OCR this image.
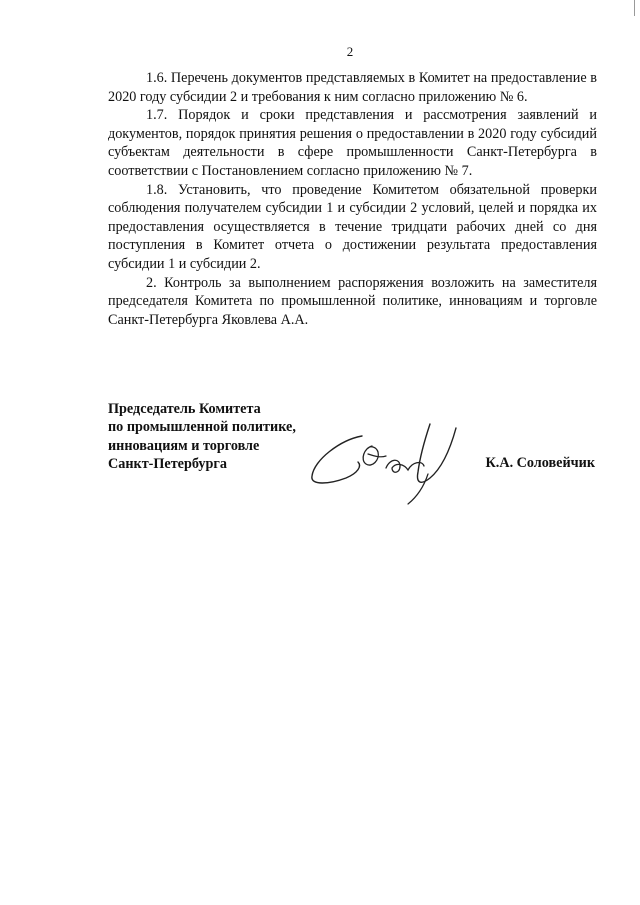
2

1.6. Перечень документов представляемых в Комитет на предоставление в 2020 году субсидии 2 и требования к ним согласно приложению № 6.

1.7. Порядок и сроки представления и рассмотрения заявлений и документов, порядок принятия решения о предоставлении в 2020 году субсидий субъектам деятельности в сфере промышленности Санкт-Петербурга в соответствии с Постановлением согласно приложению № 7.

1.8. Установить, что проведение Комитетом обязательной проверки соблюдения получателем субсидии 1 и субсидии 2 условий, целей и порядка их предоставления осуществляется в течение тридцати рабочих дней со дня поступления в Комитет отчета о достижении результата предоставления субсидии 1 и субсидии 2.

2. Контроль за выполнением распоряжения возложить на заместителя председателя Комитета по промышленной политике, инновациям и торговле Санкт-Петербурга Яковлева А.А.

Председатель Комитета
по промышленной политике,
инновациям и торговле
Санкт-Петербурга	К.А. Соловейчик
